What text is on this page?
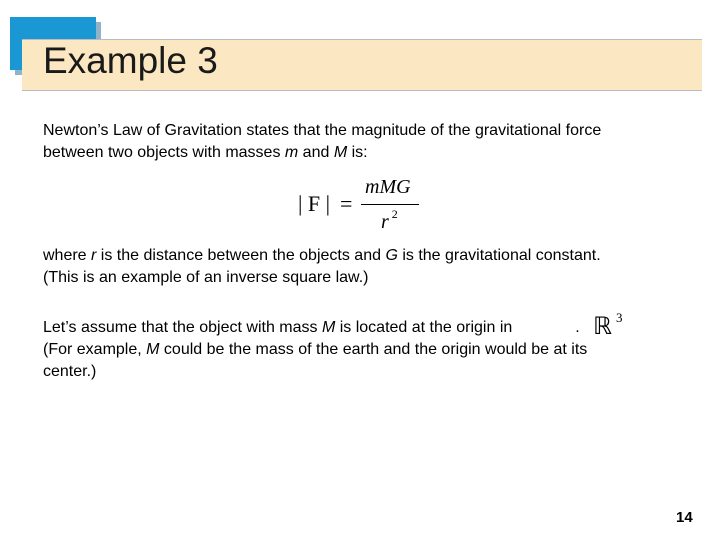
Example 3

Newton’s Law of Gravitation states that the magnitude of the gravitational force
between two objects with masses m and M is:

| F | =
mMG
r $^2$

where r is the distance between the objects and G is the gravitational constant.
(This is an example of an inverse square law.)

Let’s assume that the object with mass M is located at the origin in	.
(For example, M could be the mass of the earth and the origin would be at its
center.)

ℝ $^3$

14
